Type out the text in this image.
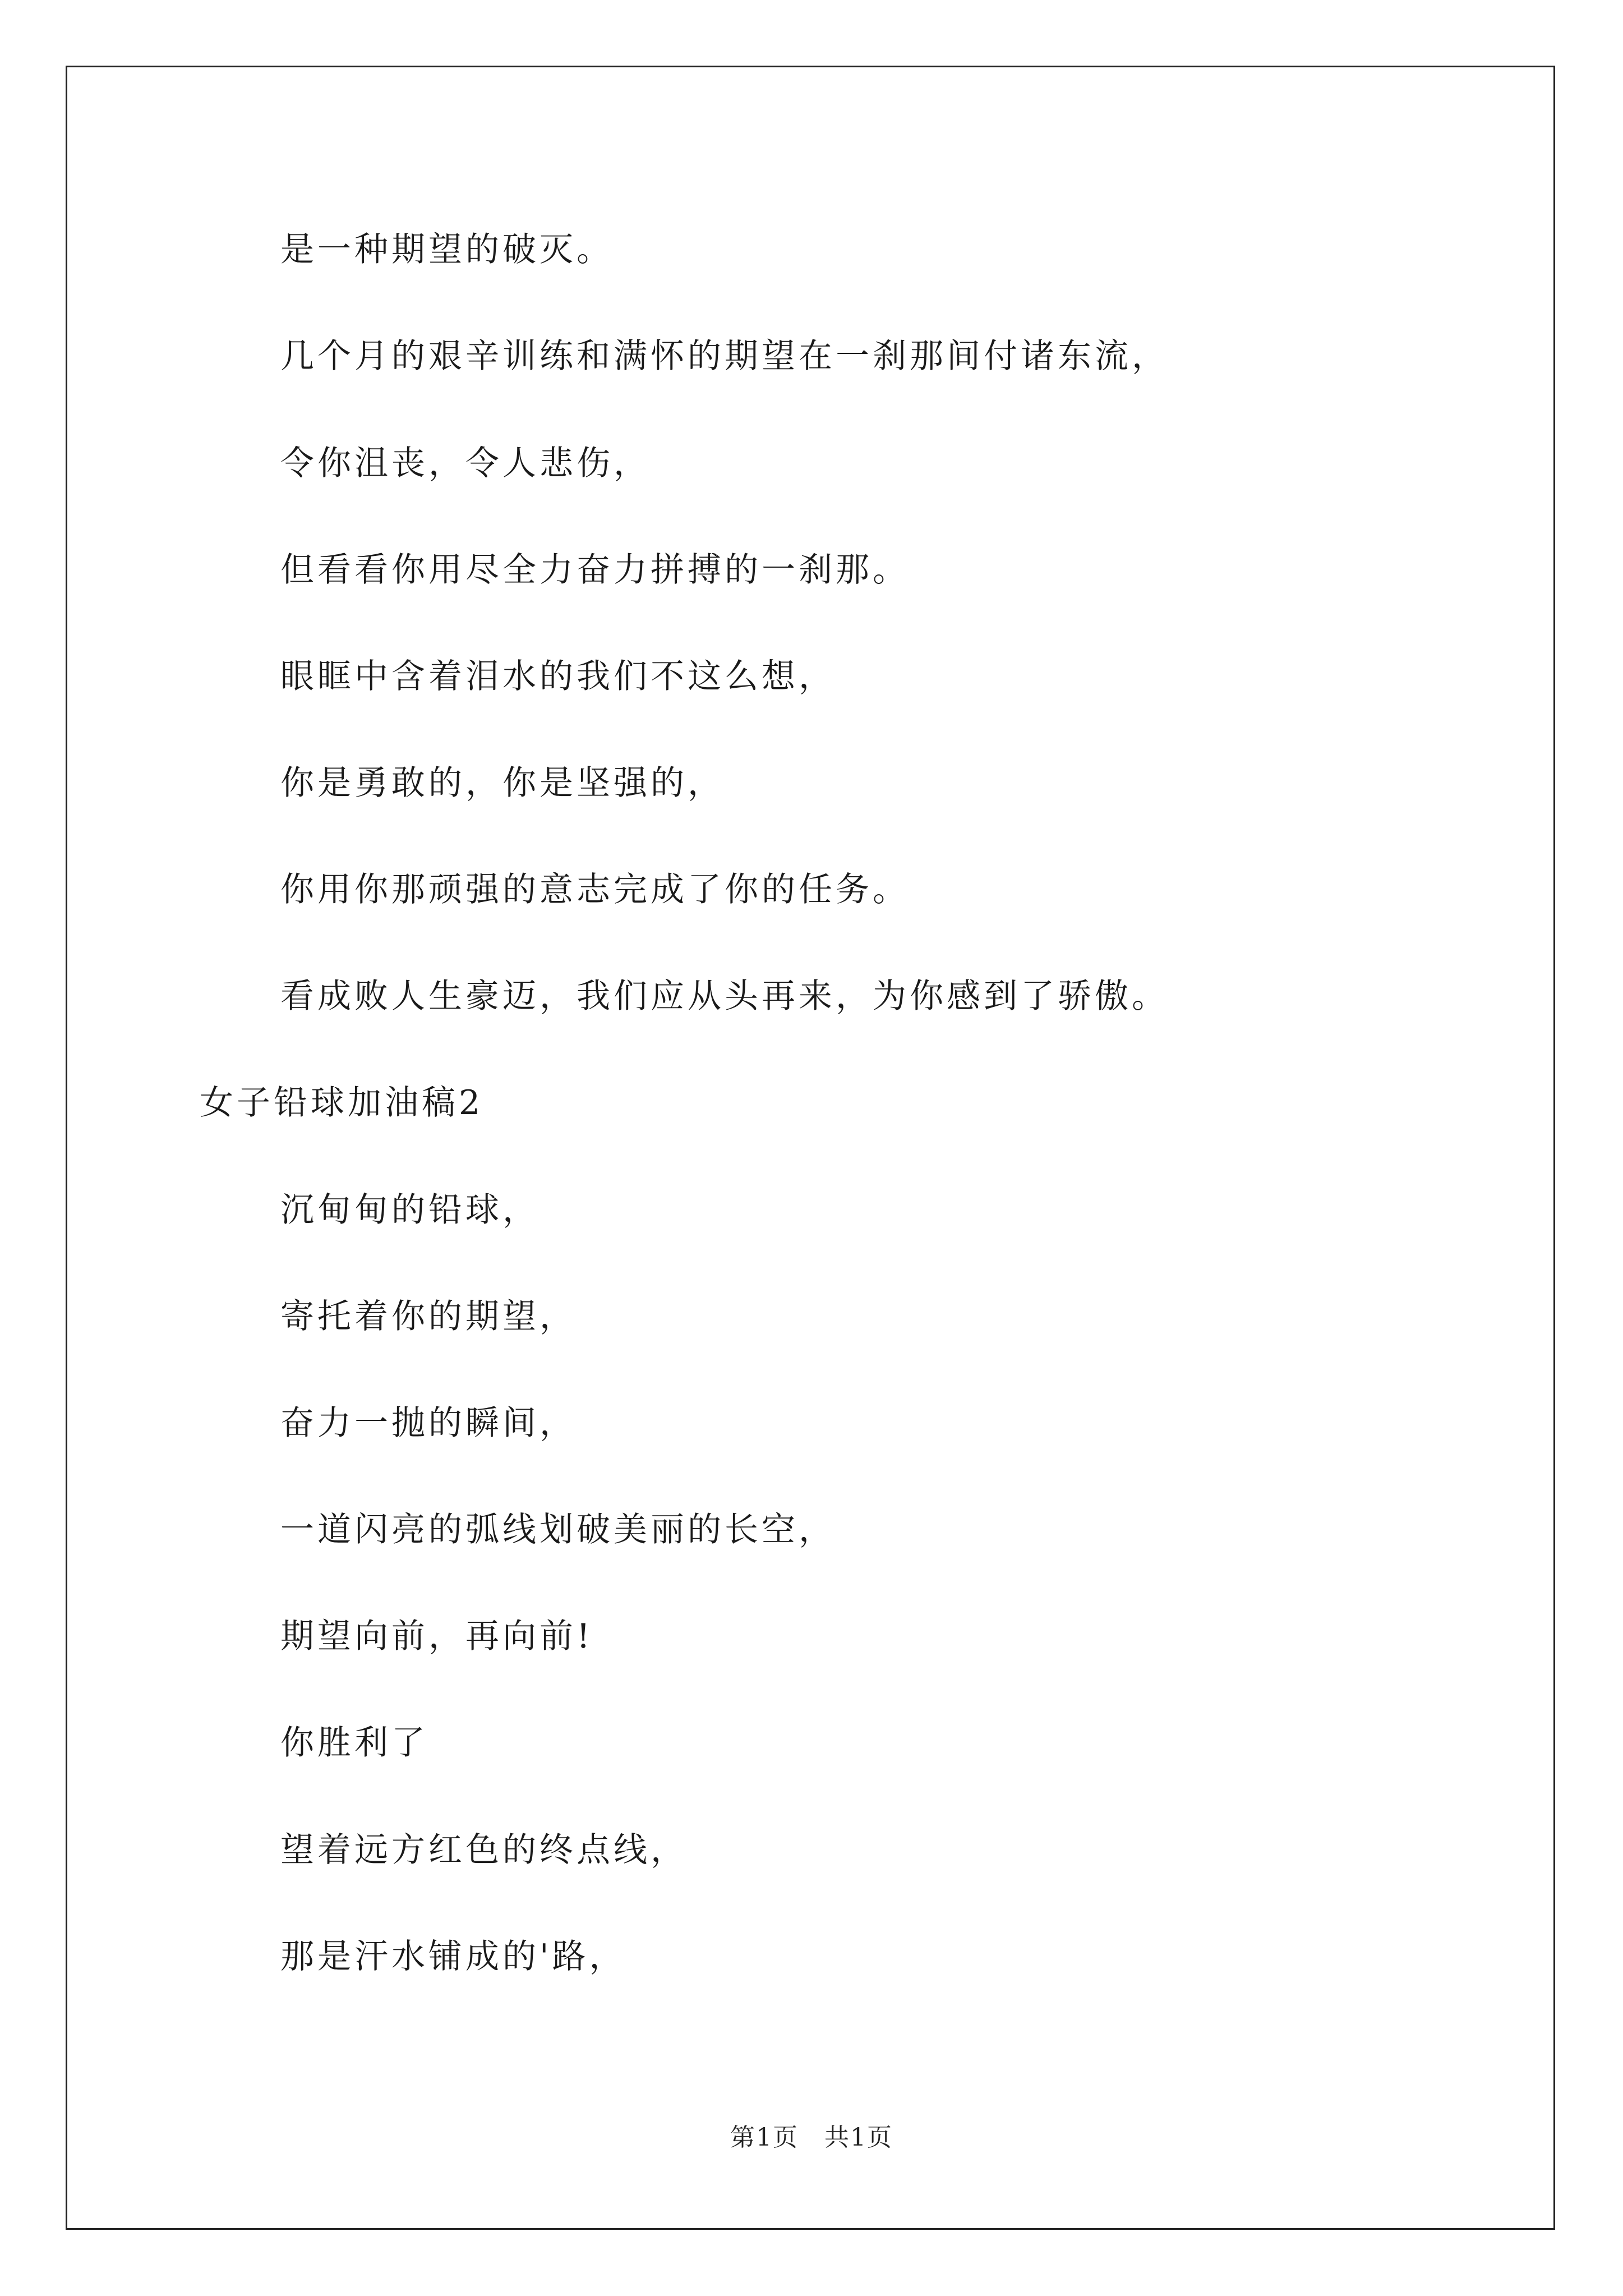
是一种期望的破灭。
几个月的艰辛训练和满怀的期望在一刹那间付诸东流，
令你沮丧，令人悲伤，
但看看你用尽全力奋力拼搏的一刹那。
眼眶中含着泪水的我们不这么想，
你是勇敢的，你是坚强的，
你用你那顽强的意志完成了你的任务。
看成败人生豪迈，我们应从头再来，为你感到了骄傲。
女子铅球加油稿2
沉甸甸的铅球，
寄托着你的期望，
奋力一抛的瞬间，
一道闪亮的弧线划破美丽的长空，
期望向前，再向前!
你胜利了
望着远方红色的终点线，
那是汗水铺成的'路，
第1页　共1页
